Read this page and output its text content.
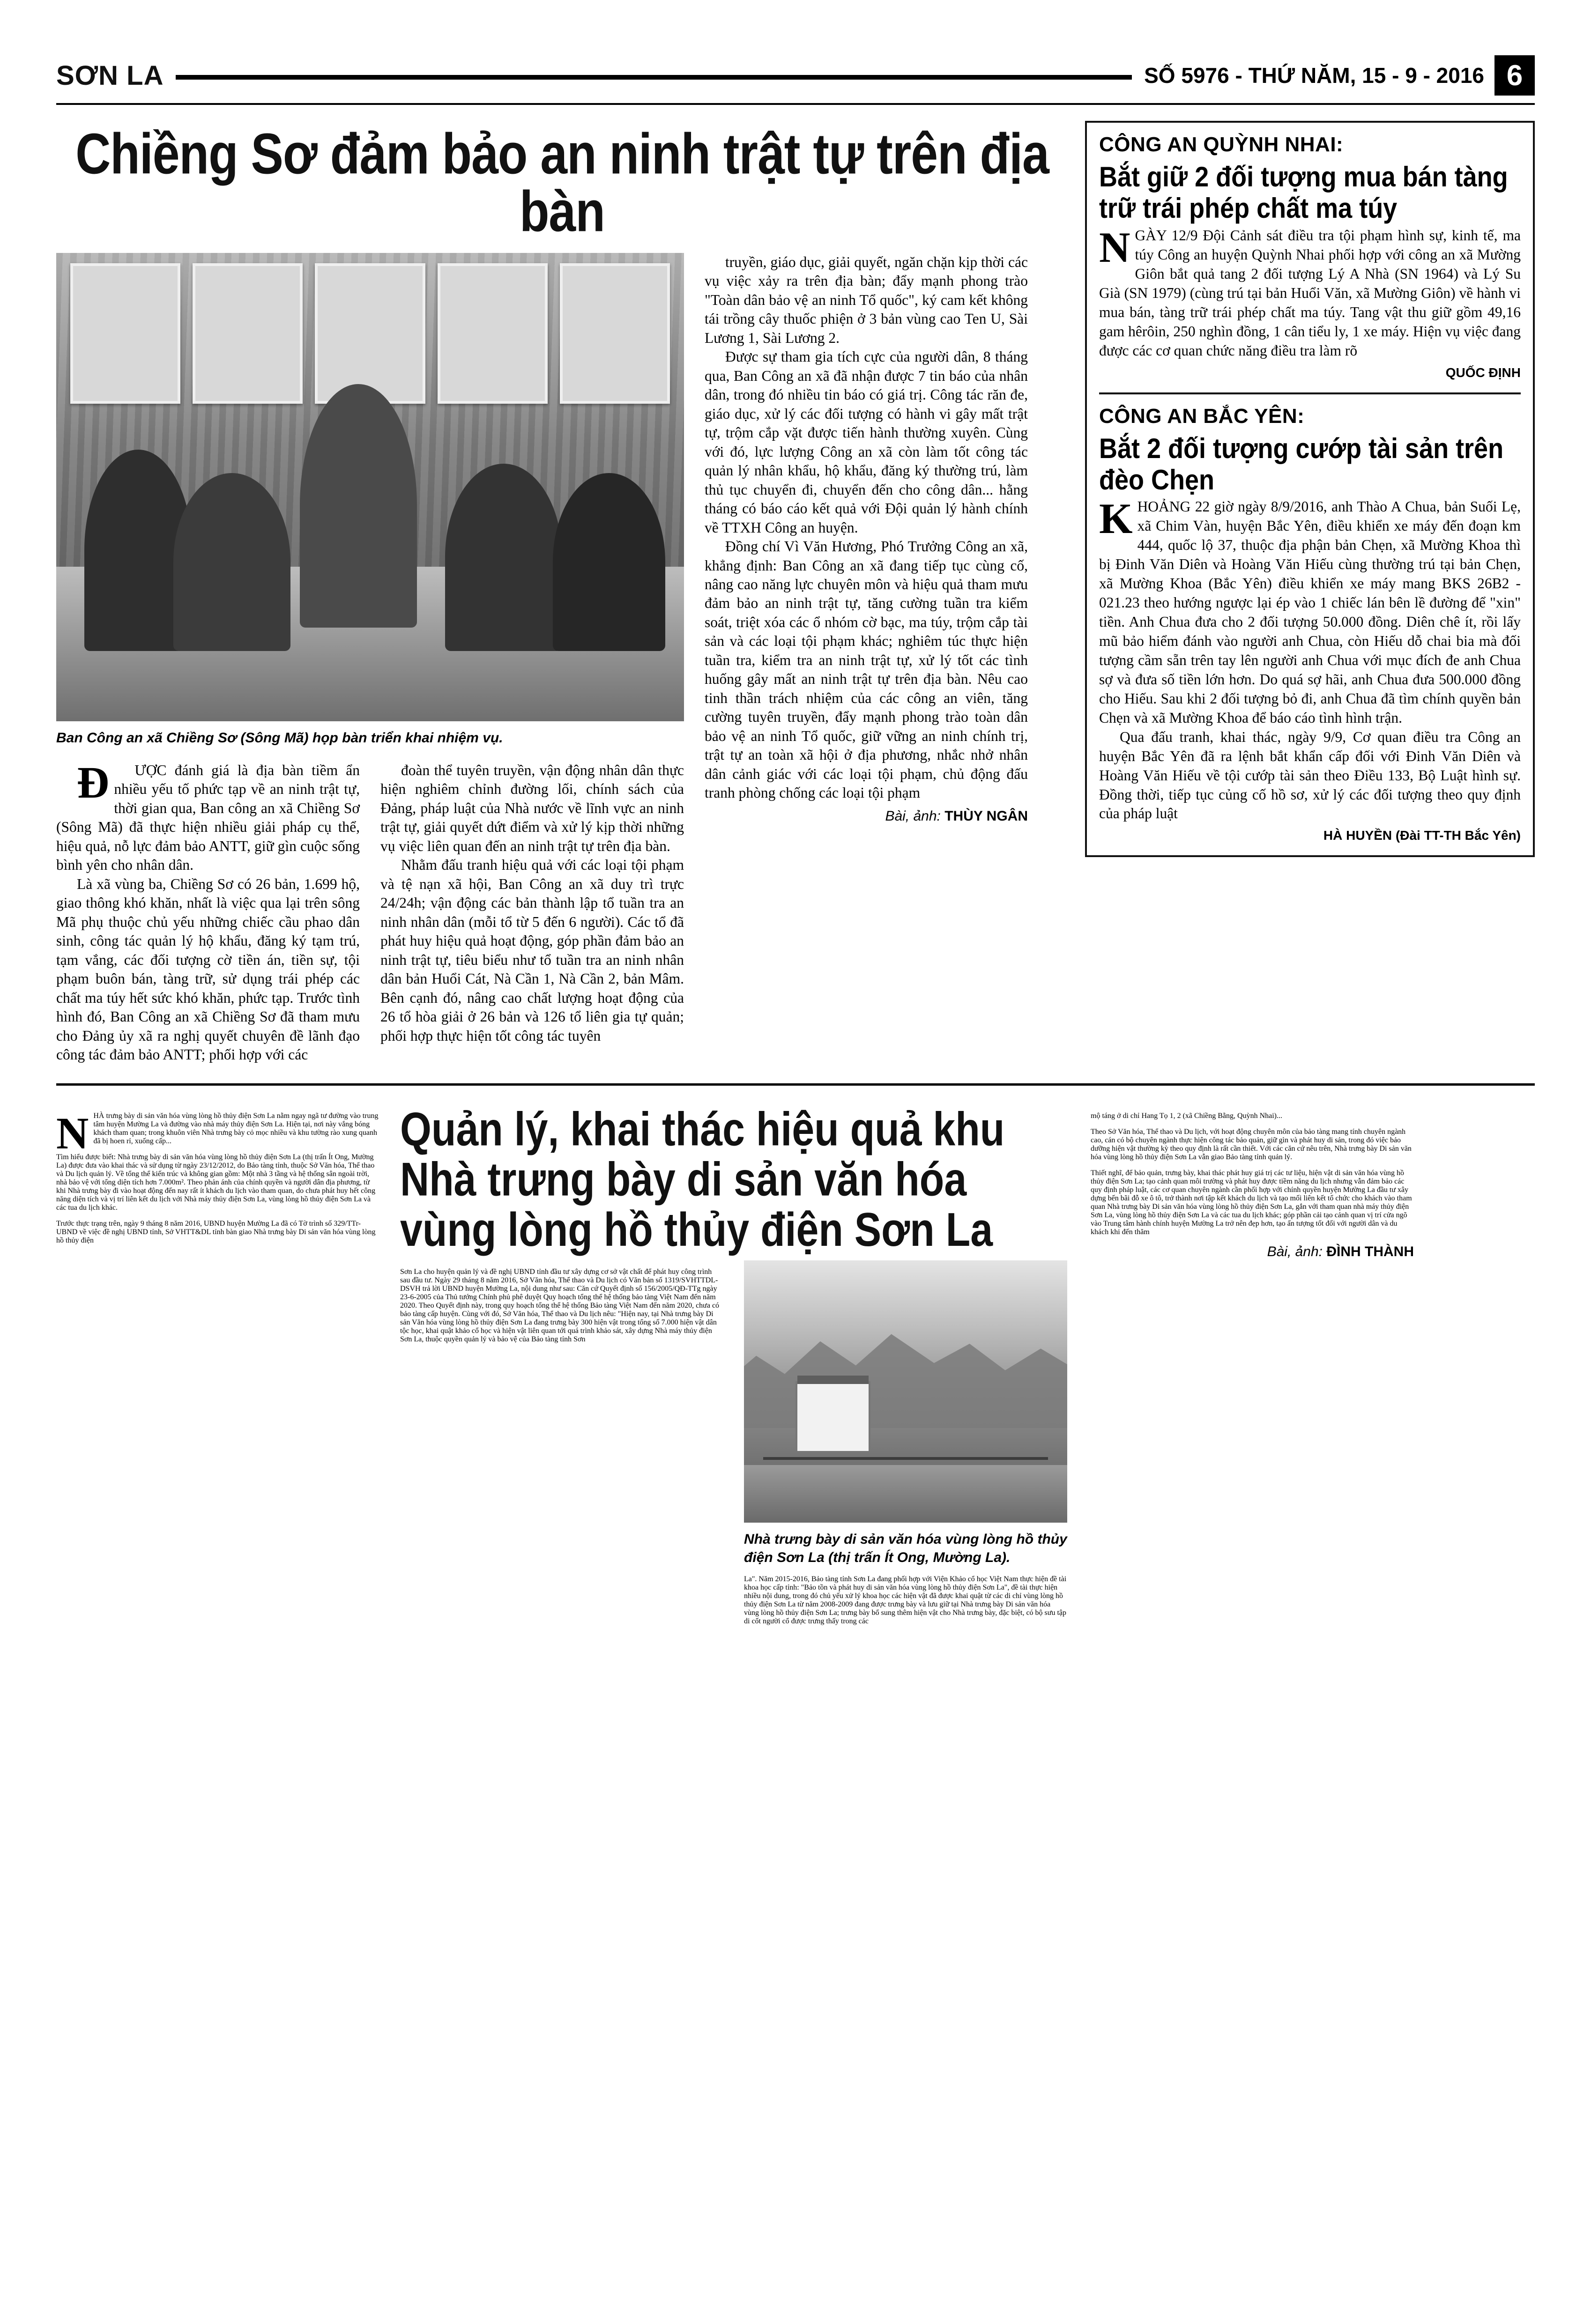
SƠN LA	SỐ 5976 - THỨ NĂM, 15 - 9 - 2016 6
Chiềng Sơ đảm bảo an ninh trật tự trên địa bàn
Ban Công an xã Chiềng Sơ (Sông Mã) họp bàn triển khai nhiệm vụ.

ĐƯỢC đánh giá là địa bàn tiềm ẩn nhiều yếu tố phức tạp về an ninh trật tự, thời gian qua, Ban công an xã Chiềng Sơ (Sông Mã) đã thực hiện nhiều giải pháp cụ thể, hiệu quả, nỗ lực đảm bảo ANTT, giữ gìn cuộc sống bình yên cho nhân dân.

Là xã vùng ba, Chiềng Sơ có 26 bản, 1.699 hộ, giao thông khó khăn, nhất là việc qua lại trên sông Mã phụ thuộc chủ yếu những chiếc cầu phao dân sinh, công tác quản lý hộ khẩu, đăng ký tạm trú, tạm vắng, các đối tượng cờ tiền án, tiền sự, tội phạm buôn bán, tàng trữ, sử dụng trái phép các chất ma túy hết sức khó khăn, phức tạp. Trước tình hình đó, Ban Công an xã Chiềng Sơ đã tham mưu cho Đảng ủy xã ra nghị quyết chuyên đề lãnh đạo công tác đảm bảo ANTT; phối hợp với các

đoàn thể tuyên truyền, vận động nhân dân thực hiện nghiêm chỉnh đường lối, chính sách của Đảng, pháp luật của Nhà nước về lĩnh vực an ninh trật tự, giải quyết dứt điểm và xử lý kịp thời những vụ việc liên quan đến an ninh trật tự trên địa bàn.

Nhằm đấu tranh hiệu quả với các loại tội phạm và tệ nạn xã hội, Ban Công an xã duy trì trực 24/24h; vận động các bản thành lập tổ tuần tra an ninh nhân dân (mỗi tổ từ 5 đến 6 người). Các tổ đã phát huy hiệu quả hoạt động, góp phần đảm bảo an ninh trật tự, tiêu biểu như tổ tuần tra an ninh nhân dân bản Huổi Cát, Nà Cần 1, Nà Cần 2, bản Mâm. Bên cạnh đó, nâng cao chất lượng hoạt động của 26 tổ hòa giải ở 26 bản và 126 tổ liên gia tự quản; phối hợp thực hiện tốt công tác tuyên

truyền, giáo dục, giải quyết, ngăn chặn kịp thời các vụ việc xảy ra trên địa bàn; đẩy mạnh phong trào "Toàn dân bảo vệ an ninh Tổ quốc", ký cam kết không tái trồng cây thuốc phiện ở 3 bản vùng cao Ten U, Sài Lương 1, Sài Lương 2.

Được sự tham gia tích cực của người dân, 8 tháng qua, Ban Công an xã đã nhận được 7 tin báo của nhân dân, trong đó nhiều tin báo có giá trị. Công tác răn đe, giáo dục, xử lý các đối tượng có hành vi gây mất trật tự, trộm cắp vặt được tiến hành thường xuyên. Cùng với đó, lực lượng Công an xã còn làm tốt công tác quản lý nhân khẩu, hộ khẩu, đăng ký thường trú, làm thủ tục chuyển đi, chuyển đến cho công dân... hằng tháng có báo cáo kết quả với Đội quản lý hành chính về TTXH Công an huyện.

Đồng chí Vì Văn Hương, Phó Trưởng Công an xã, khẳng định: Ban Công an xã đang tiếp tục cùng cố, nâng cao năng lực chuyên môn và hiệu quả tham mưu đảm bảo an ninh trật tự, tăng cường tuần tra kiểm soát, triệt xóa các ổ nhóm cờ bạc, ma túy, trộm cắp tài sản và các loại tội phạm khác; nghiêm túc thực hiện tuần tra, kiểm tra an ninh trật tự, xử lý tốt các tình huống gây mất an ninh trật tự trên địa bàn. Nêu cao tinh thần trách nhiệm của các công an viên, tăng cường tuyên truyền, đẩy mạnh phong trào toàn dân bảo vệ an ninh Tổ quốc, giữ vững an ninh chính trị, trật tự an toàn xã hội ở địa phương, nhắc nhở nhân dân cảnh giác với các loại tội phạm, chủ động đấu tranh phòng chống các loại tội phạm

Bài, ảnh: THÙY NGÂN
CÔNG AN QUỲNH NHAI:
Bắt giữ 2 đối tượng mua bán tàng trữ trái phép chất ma túy

NGÀY 12/9 Đội Cảnh sát điều tra tội phạm hình sự, kinh tế, ma túy Công an huyện Quỳnh Nhai phối hợp với công an xã Mường Giôn bắt quả tang 2 đối tượng Lý A Nhà (SN 1964) và Lý Su Già (SN 1979) (cùng trú tại bản Huổi Văn, xã Mường Giôn) về hành vi mua bán, tàng trữ trái phép chất ma túy. Tang vật thu giữ gồm 49,16 gam hêrôin, 250 nghìn đồng, 1 cân tiểu ly, 1 xe máy. Hiện vụ việc đang được các cơ quan chức năng điều tra làm rõ

QUỐC ĐỊNH
CÔNG AN BẮC YÊN:
Bắt 2 đối tượng cướp tài sản trên đèo Chẹn

KHOẢNG 22 giờ ngày 8/9/2016, anh Thào A Chua, bản Suối Lẹ, xã Chim Vàn, huyện Bắc Yên, điều khiển xe máy đến đoạn km 444, quốc lộ 37, thuộc địa phận bản Chẹn, xã Mường Khoa thì bị Đinh Văn Diên và Hoàng Văn Hiếu cùng thường trú tại bản Chẹn, xã Mường Khoa (Bắc Yên) điều khiển xe máy mang BKS 26B2 - 021.23 theo hướng ngược lại ép vào 1 chiếc lán bên lề đường để "xin" tiền. Anh Chua đưa cho 2 đối tượng 50.000 đồng. Diên chê ít, rồi lấy mũ bảo hiểm đánh vào người anh Chua, còn Hiếu dỗ chai bia mà đối tượng cầm sẵn trên tay lên người anh Chua với mục đích đe anh Chua sợ và đưa số tiền lớn hơn. Do quá sợ hãi, anh Chua đưa 500.000 đồng cho Hiếu. Sau khi 2 đối tượng bỏ đi, anh Chua đã tìm chính quyền bản Chẹn và xã Mường Khoa để báo cáo tình hình trận.

Qua đấu tranh, khai thác, ngày 9/9, Cơ quan điều tra Công an huyện Bắc Yên đã ra lệnh bắt khẩn cấp đối với Đinh Văn Diên và Hoàng Văn Hiếu về tội cướp tài sản theo Điều 133, Bộ Luật hình sự. Đồng thời, tiếp tục củng cố hồ sơ, xử lý các đối tượng theo quy định của pháp luật

HÀ HUYỀN (Đài TT-TH Bắc Yên)

NHÀ trưng bày di sản văn hóa vùng lòng hồ thủy điện Sơn La nằm ngay ngã tư đường vào trung tâm huyện Mường La và đường vào nhà máy thủy điện Sơn La. Hiện tại, nơi này vắng bóng khách tham quan; trong khuôn viên Nhà trưng bày cỏ mọc nhiều và khu tường rào xung quanh đã bị hoen rỉ, xuống cấp...

Tìm hiểu được biết: Nhà trưng bày di sản văn hóa vùng lòng hồ thủy điện Sơn La (thị trấn Ít Ong, Mường La) được đưa vào khai thác và sử dụng từ ngày 23/12/2012, do Bảo tàng tỉnh, thuộc Sở Văn hóa, Thể thao và Du lịch quản lý. Về tổng thể kiến trúc và không gian gồm: Một nhà 3 tầng và hệ thống sân ngoài trời, nhà bảo vệ với tổng diện tích hơn 7.000m². Theo phản ánh của chính quyền và người dân địa phương, từ khi Nhà trưng bày đi vào hoạt động đến nay rất ít khách du lịch vào tham quan, do chưa phát huy hết công năng diện tích và vị trí liên kết du lịch với Nhà máy thủy điện Sơn La, vùng lòng hồ thủy điện Sơn La và các tua du lịch khác.

Trước thực trạng trên, ngày 9 tháng 8 năm 2016, UBND huyện Mường La đã có Tờ trình số 329/TTr-UBND về việc đề nghị UBND tỉnh, Sở VHTT&DL tỉnh bàn giao Nhà trưng bày Di sản văn hóa vùng lòng hồ thủy điện

Quản lý, khai thác hiệu quả khu Nhà trưng bày di sản văn hóa vùng lòng hồ thủy điện Sơn La

Sơn La cho huyện quản lý và đề nghị UBND tỉnh đầu tư xây dựng cơ sở vật chất để phát huy công trình sau đầu tư. Ngày 29 tháng 8 năm 2016, Sở Văn hóa, Thể thao và Du lịch có Văn bản số 1319/SVHTTDL-DSVH trả lời UBND huyện Mường La, nội dung như sau: Căn cứ Quyết định số 156/2005/QĐ-TTg ngày 23-6-2005 của Thủ tướng Chính phủ phê duyệt Quy hoạch tổng thể hệ thống bảo tàng Việt Nam đến năm 2020. Theo Quyết định này, trong quy hoạch tổng thể hệ thống Bảo tàng Việt Nam đến năm 2020, chưa có bảo tàng cấp huyện. Cùng với đó, Sở Văn hóa, Thể thao và Du lịch nêu: "Hiện nay, tại Nhà trưng bày Di sản Văn hóa vùng lòng hồ thủy điện Sơn La đang trưng bày 300 hiện vật trong tổng số 7.000 hiện vật dân tộc học, khai quật khảo cổ học và hiện vật liên quan tới quá trình khảo sát, xây dựng Nhà máy thủy điện Sơn La, thuộc quyền quản lý và bảo vệ của Bảo tàng tỉnh Sơn

Nhà trưng bày di sản văn hóa vùng lòng hồ thủy điện Sơn La (thị trấn Ít Ong, Mường La).

La". Năm 2015-2016, Bảo tàng tỉnh Sơn La đang phối hợp với Viện Khảo cổ học Việt Nam thực hiện đề tài khoa học cấp tỉnh: "Bảo tồn và phát huy di sản văn hóa vùng lòng hồ thủy điện Sơn La", đề tài thực hiện nhiều nội dung, trong đó chủ yếu xử lý khoa học các hiện vật đã được khai quật từ các di chỉ vùng lòng hồ thủy điện Sơn La từ năm 2008-2009 đang được trưng bày và lưu giữ tại Nhà trưng bày Di sản văn hóa vùng lòng hồ thủy điện Sơn La; trưng bày bổ sung thêm hiện vật cho Nhà trưng bày, đặc biệt, có bộ sưu tập di cốt người cổ được trưng thấy trong các

mộ táng ở di chỉ Hang Tọ 1, 2 (xã Chiềng Bằng, Quỳnh Nhai)...

Theo Sở Văn hóa, Thể thao và Du lịch, với hoạt động chuyên môn của bảo tàng mang tính chuyên ngành cao, cán có bộ chuyên ngành thực hiện công tác bảo quản, giữ gìn và phát huy di sản, trong đó việc bảo dưỡng hiện vật thường kỳ theo quy định là rất cần thiết. Với các căn cứ nêu trên, Nhà trưng bày Di sản văn hóa vùng lòng hồ thủy điện Sơn La vẫn giao Bảo tàng tỉnh quản lý.

Thiết nghĩ, để bảo quản, trưng bày, khai thác phát huy giá trị các tư liệu, hiện vật di sản văn hóa vùng hồ thủy điện Sơn La; tạo cảnh quan môi trường và phát huy được tiềm năng du lịch nhưng vẫn đảm bảo các quy định pháp luật, các cơ quan chuyên ngành cần phối hợp với chính quyền huyện Mường La đầu tư xây dựng bến bãi đỗ xe ô tô, trở thành nơi tập kết khách du lịch và tạo mối liên kết tổ chức cho khách vào tham quan Nhà trưng bày Di sản văn hóa vùng lòng hồ thủy điện Sơn La, gắn với tham quan nhà máy thủy điện Sơn La, vùng lòng hồ thủy điện Sơn La và các tua du lịch khác; góp phần cải tạo cảnh quan vị trí cửa ngõ vào Trung tâm hành chính huyện Mường La trở nên đẹp hơn, tạo ấn tượng tốt đối với người dân và du khách khi đến thăm

Bài, ảnh: ĐÌNH THÀNH
